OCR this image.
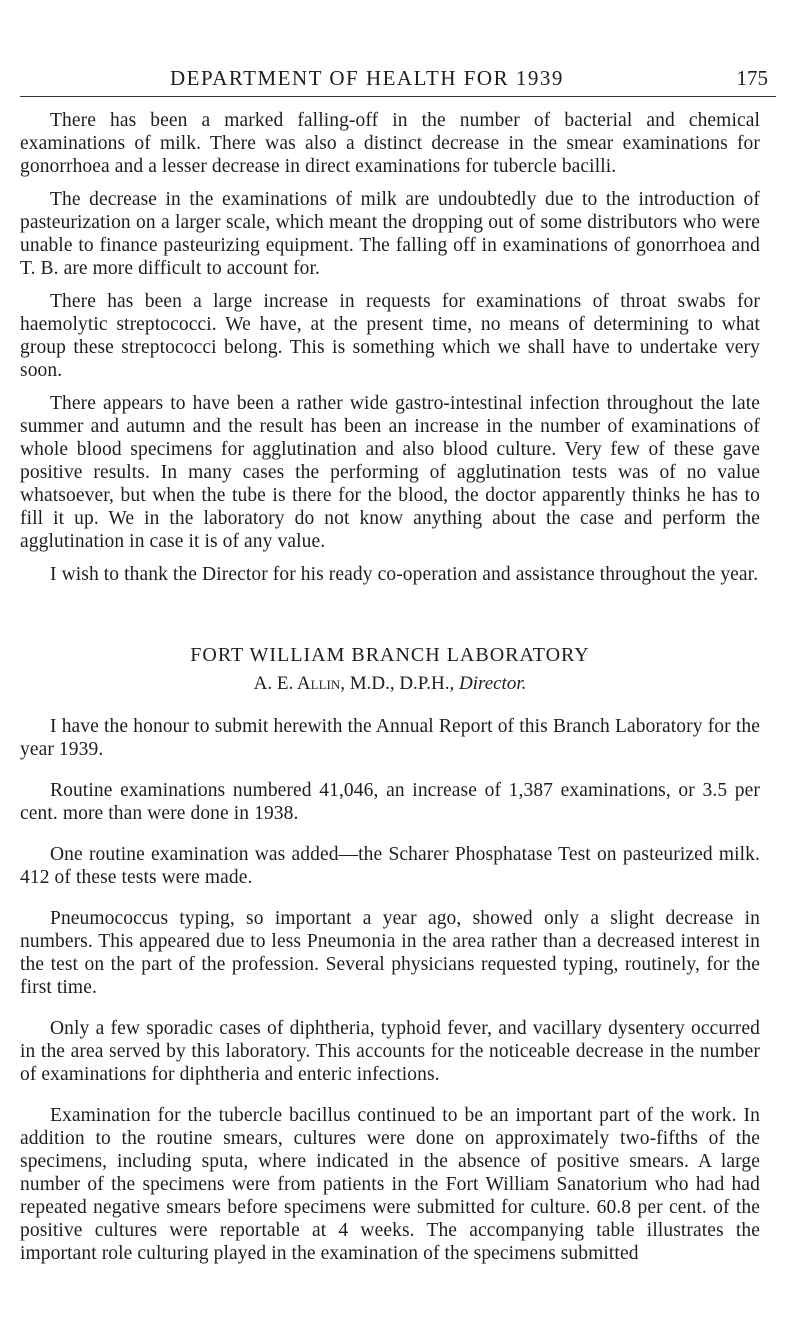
DEPARTMENT OF HEALTH FOR 1939	175

There has been a marked falling-off in the number of bacterial and chemical examinations of milk. There was also a distinct decrease in the smear examinations for gonorrhoea and a lesser decrease in direct examinations for tubercle bacilli.

The decrease in the examinations of milk are undoubtedly due to the introduction of pasteurization on a larger scale, which meant the dropping out of some distributors who were unable to finance pasteurizing equipment. The falling off in examinations of gonorrhoea and T. B. are more difficult to account for.

There has been a large increase in requests for examinations of throat swabs for haemolytic streptococci. We have, at the present time, no means of determining to what group these streptococci belong. This is something which we shall have to undertake very soon.

There appears to have been a rather wide gastro-intestinal infection throughout the late summer and autumn and the result has been an increase in the number of examinations of whole blood specimens for agglutination and also blood culture. Very few of these gave positive results. In many cases the performing of agglutination tests was of no value whatsoever, but when the tube is there for the blood, the doctor apparently thinks he has to fill it up. We in the laboratory do not know anything about the case and perform the agglutination in case it is of any value.

I wish to thank the Director for his ready co-operation and assistance throughout the year.

FORT WILLIAM BRANCH LABORATORY
A. E. Allin, M.D., D.P.H., Director.

I have the honour to submit herewith the Annual Report of this Branch Laboratory for the year 1939.

Routine examinations numbered 41,046, an increase of 1,387 examinations, or 3.5 per cent. more than were done in 1938.

One routine examination was added—the Scharer Phosphatase Test on pasteurized milk. 412 of these tests were made.

Pneumococcus typing, so important a year ago, showed only a slight decrease in numbers. This appeared due to less Pneumonia in the area rather than a decreased interest in the test on the part of the profession. Several physicians requested typing, routinely, for the first time.

Only a few sporadic cases of diphtheria, typhoid fever, and vacillary dysentery occurred in the area served by this laboratory. This accounts for the noticeable decrease in the number of examinations for diphtheria and enteric infections.

Examination for the tubercle bacillus continued to be an important part of the work. In addition to the routine smears, cultures were done on approximately two-fifths of the specimens, including sputa, where indicated in the absence of positive smears. A large number of the specimens were from patients in the Fort William Sanatorium who had had repeated negative smears before specimens were submitted for culture. 60.8 per cent. of the positive cultures were reportable at 4 weeks. The accompanying table illustrates the important role culturing played in the examination of the specimens submitted
